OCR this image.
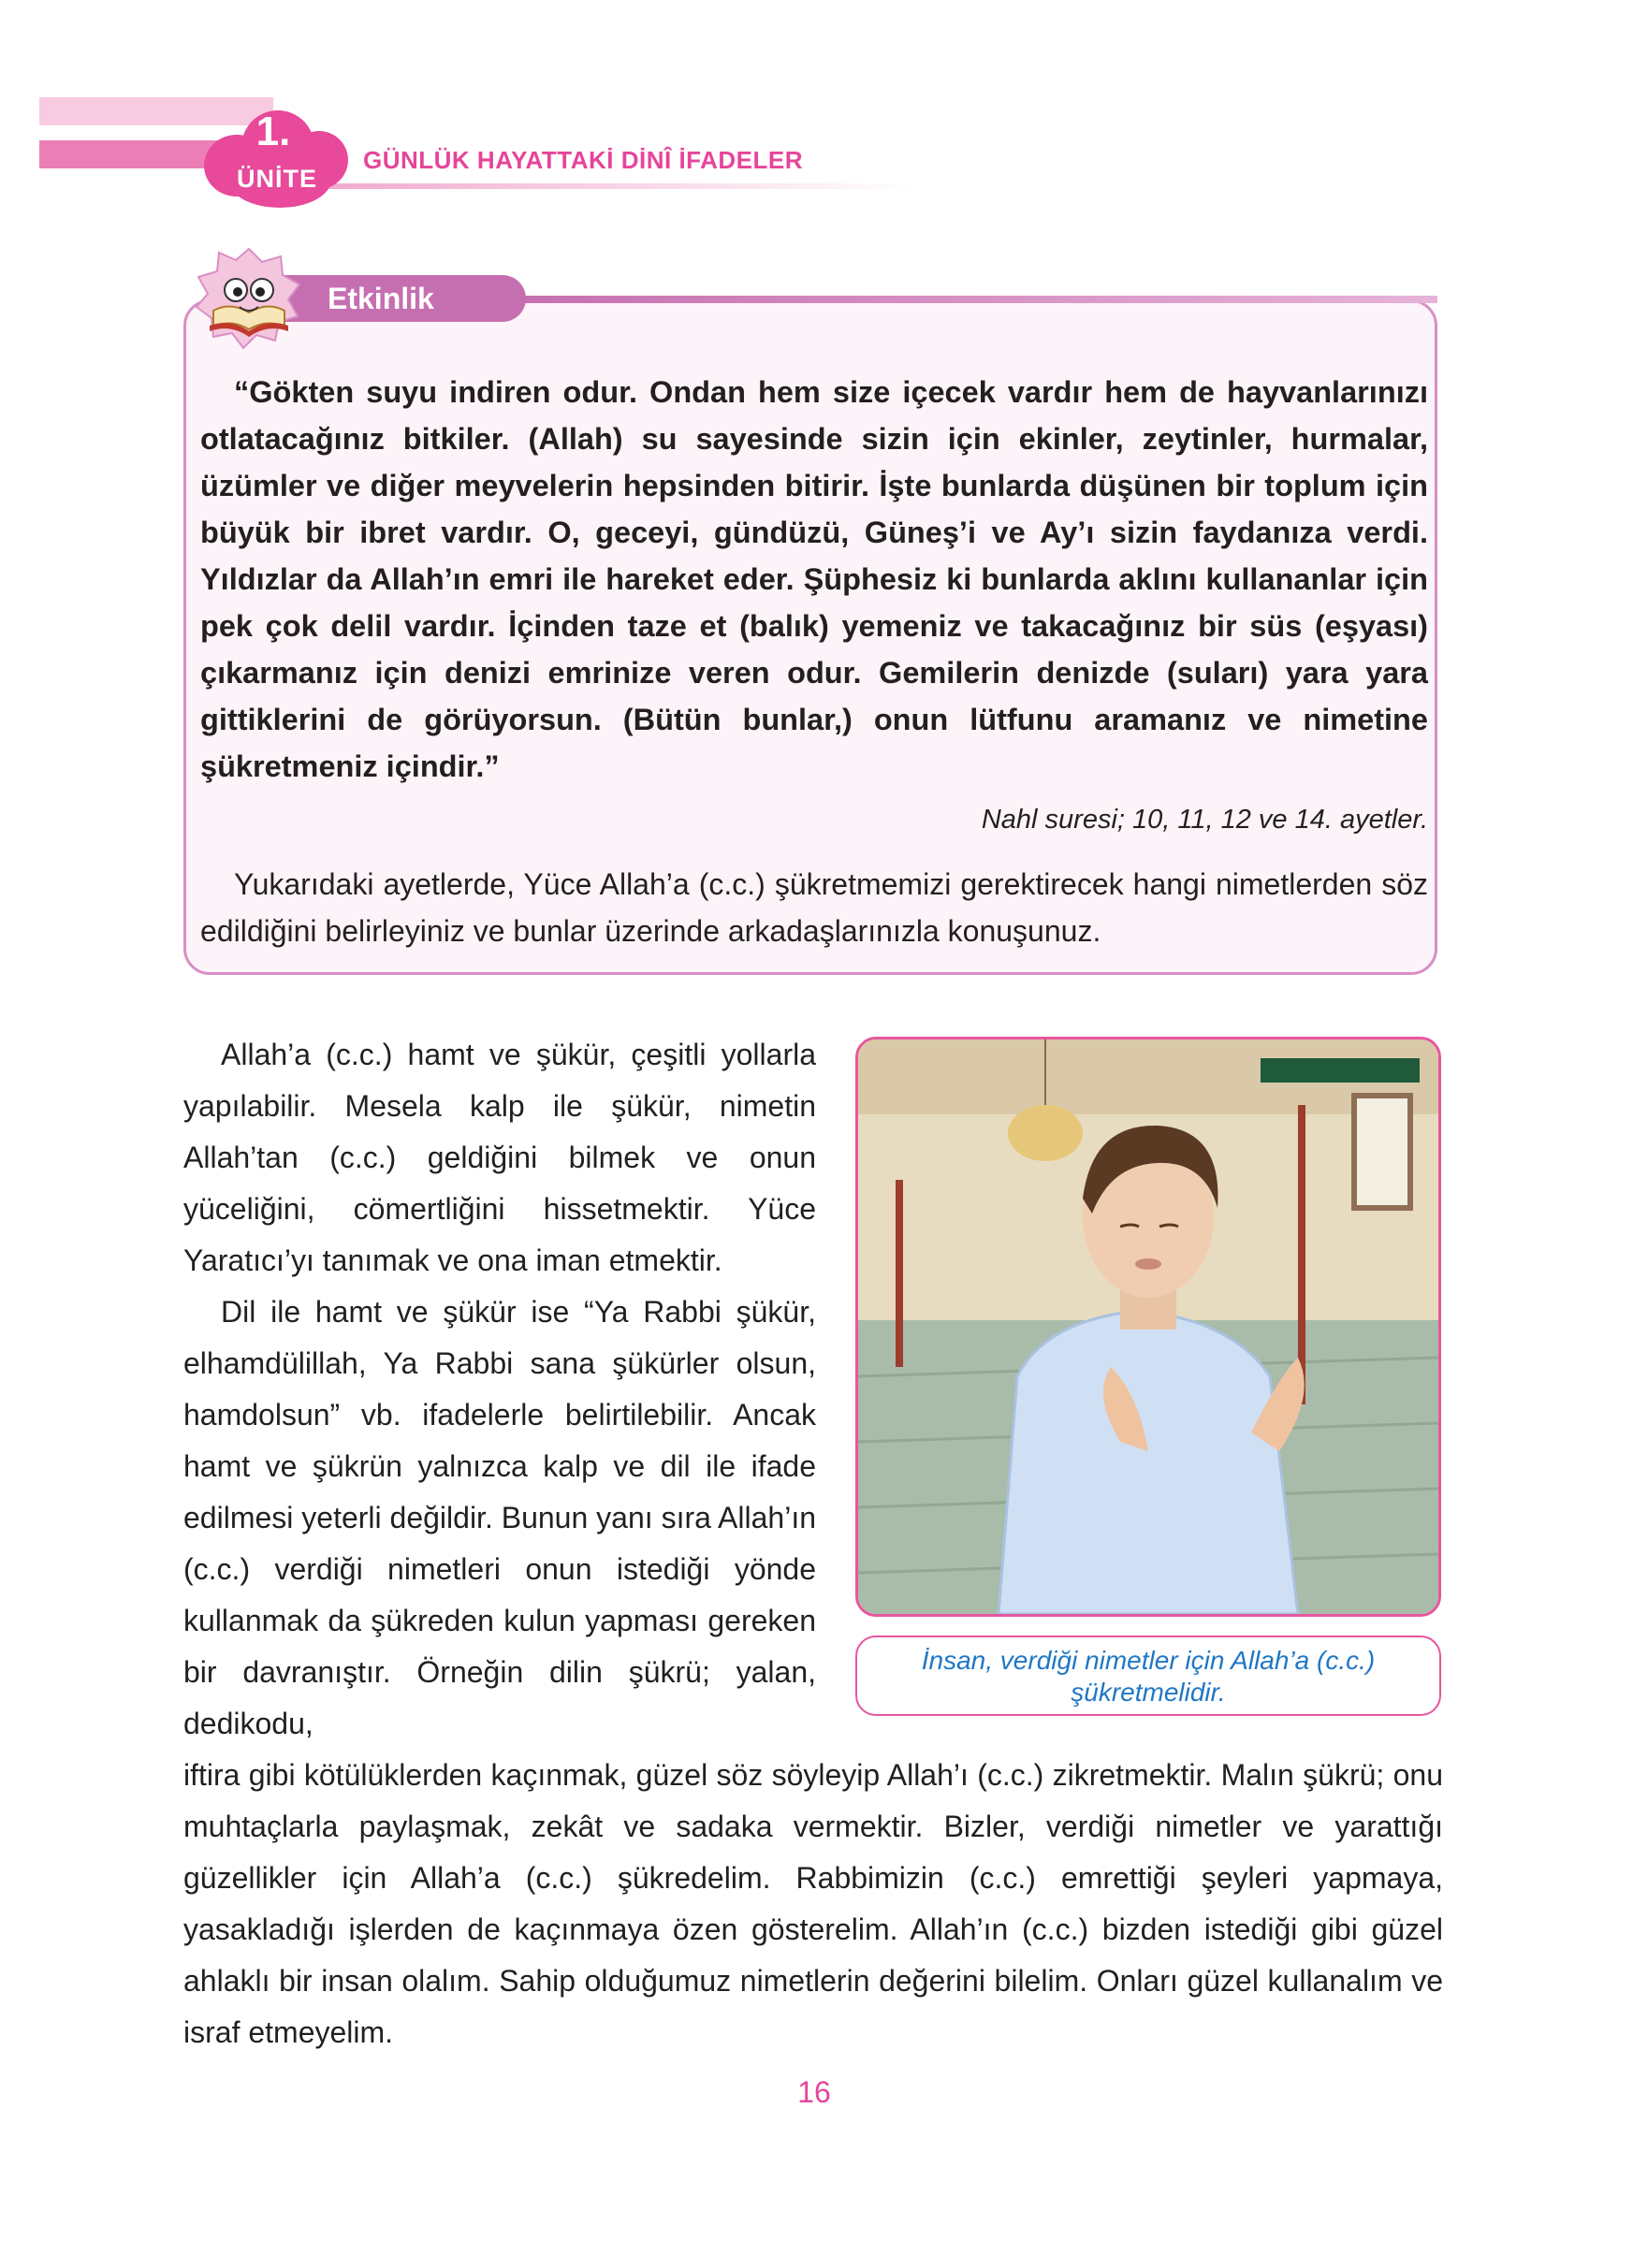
1.
ÜNİTE
GÜNLÜK HAYATTAKİ DİNÎ İFADELER
Etkinlik

“Gökten suyu indiren odur. Ondan hem size içecek vardır hem de hayvanlarınızı otlatacağınız bitkiler. (Allah) su sayesinde sizin için ekinler, zeytinler, hurmalar, üzümler ve diğer meyvelerin hepsinden bitirir. İşte bunlarda düşünen bir toplum için büyük bir ibret vardır. O, geceyi, gündüzü, Güneş’i ve Ay’ı sizin faydanıza verdi. Yıldızlar da Allah’ın emri ile hareket eder. Şüphesiz ki bunlarda aklını kullananlar için pek çok delil vardır. İçinden taze et (balık) yemeniz ve takacağınız bir süs (eşyası) çıkarmanız için denizi emrinize veren odur. Gemilerin denizde (suları) yara yara gittiklerini de görüyorsun. (Bütün bunlar,) onun lütfunu aramanız ve nimetine şükretmeniz içindir.”

Nahl suresi; 10, 11, 12 ve 14. ayetler.

Yukarıdaki ayetlerde, Yüce Allah’a (c.c.) şükretmemizi gerektirecek hangi nimetlerden söz edildiğini belirleyiniz ve bunlar üzerinde arkadaşlarınızla konuşunuz.

Allah’a (c.c.) hamt ve şükür, çeşitli yollarla yapılabilir. Mesela kalp ile şükür, nimetin Allah’tan (c.c.) geldiğini bilmek ve onun yüceliğini, cömertliğini hissetmektir. Yüce Yaratıcı’yı tanımak ve ona iman etmektir.

Dil ile hamt ve şükür ise “Ya Rabbi şükür, elhamdülillah, Ya Rabbi sana şükürler olsun, hamdolsun” vb. ifadelerle belirtilebilir. Ancak hamt ve şükrün yalnızca kalp ve dil ile ifade edilmesi yeterli değildir. Bunun yanı sıra Allah’ın (c.c.) verdiği nimetleri onun istediği yönde kullanmak da şükreden kulun yapması gereken bir davranıştır. Örneğin dilin şükrü; yalan, dedikodu,

İnsan, verdiği nimetler için Allah’a (c.c.)
şükretmelidir.

iftira gibi kötülüklerden kaçınmak, güzel söz söyleyip Allah’ı (c.c.) zikretmektir. Malın şükrü; onu muhtaçlarla paylaşmak, zekât ve sadaka vermektir. Bizler, verdiği nimetler ve yarattığı güzellikler için Allah’a (c.c.) şükredelim. Rabbimizin (c.c.) emrettiği şeyleri yapmaya, yasakladığı işlerden de kaçınmaya özen gösterelim. Allah’ın (c.c.) bizden istediği gibi güzel ahlaklı bir insan olalım. Sahip olduğumuz nimetlerin değerini bilelim. Onları güzel kullanalım ve israf etmeyelim.

16
